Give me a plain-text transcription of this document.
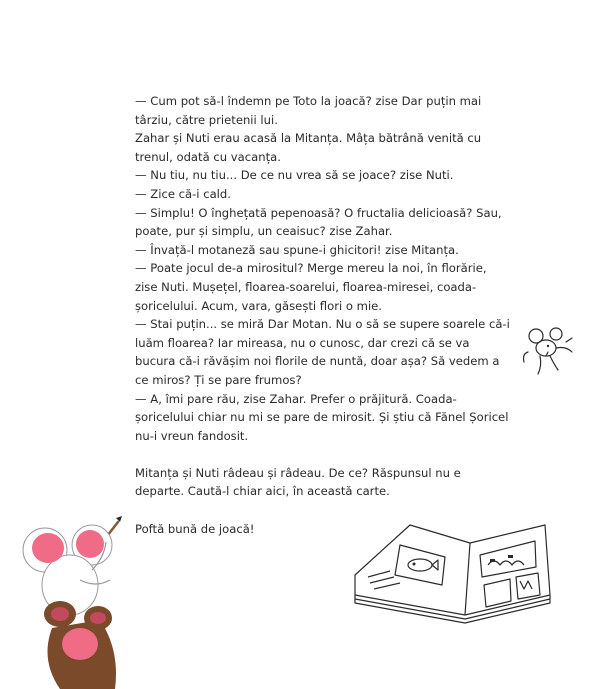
— Cum pot să-l îndemn pe Toto la joacă? zise Dar puțin mai târziu, către prietenii lui.

Zahar și Nuti erau acasă la Mitanța. Mâța bătrână venită cu trenul, odată cu vacanța.

— Nu tiu, nu tiu... De ce nu vrea să se joace? zise Nuti.

— Zice că-i cald.

— Simplu! O înghețată pepenoasă? O fructalia delicioasă? Sau, poate, pur și simplu, un ceaisuc? zise Zahar.

— Învață-l motaneză sau spune-i ghicitori! zise Mitanța.

— Poate jocul de-a mirositul? Merge mereu la noi, în florărie, zise Nuti. Mușețel, floarea-soarelui, floarea-miresei, coada-șoricelului. Acum, vara, găsești flori o mie.

— Stai puțin... se miră Dar Motan. Nu o să se supere soarele că-i luăm floarea? Iar mireasa, nu o cunosc, dar crezi că se va bucura că-i răvășim noi florile de nuntă, doar așa? Să vedem a ce miros? Ți se pare frumos?

— A, îmi pare rău, zise Zahar. Prefer o prăjitură. Coada-șoricelului chiar nu mi se pare de mirosit. Și știu că Fănel Șoricel nu-i vreun fandosit.

Mitanța și Nuti râdeau și râdeau. De ce? Răspunsul nu e departe. Caută-l chiar aici, în această carte.

Poftă bună de joacă!
